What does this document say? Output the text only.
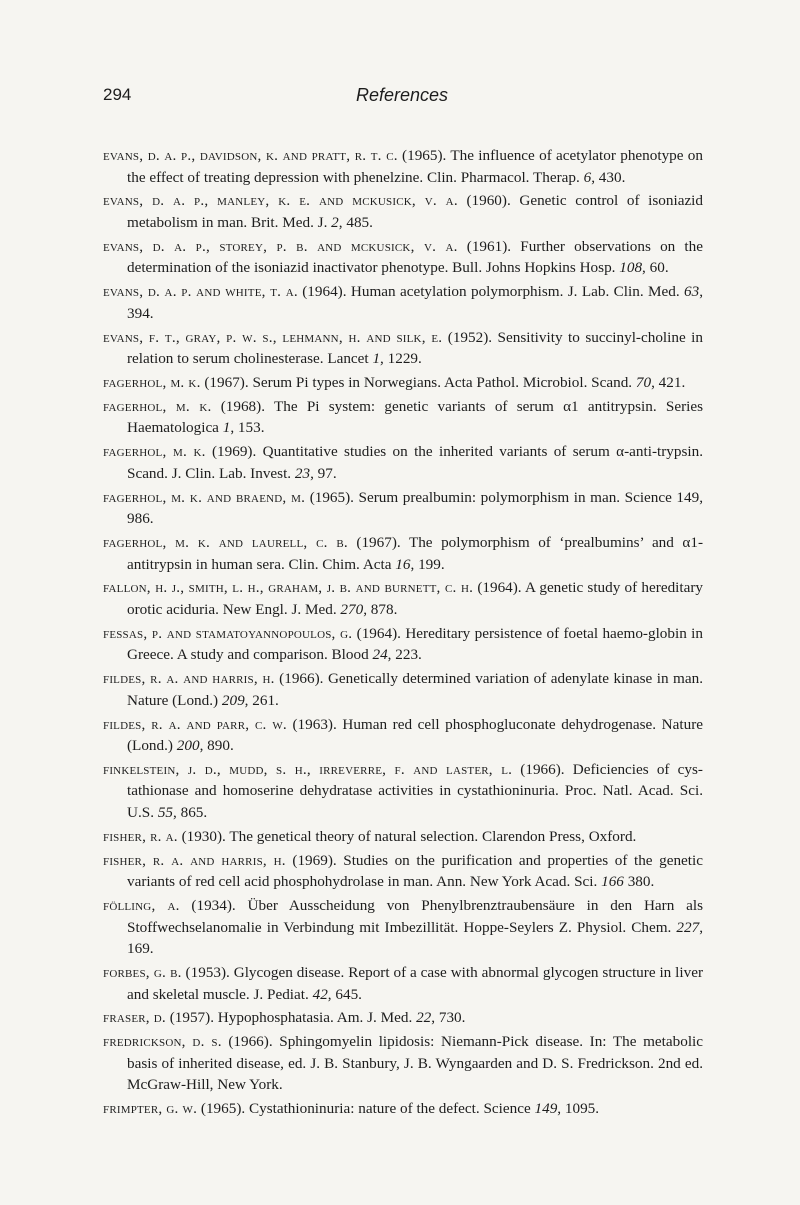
294	References

evans, d. a. p., davidson, k. and pratt, r. t. c. (1965). The influence of acetylator phenotype on the effect of treating depression with phenelzine. Clin. Pharmacol. Therap. 6, 430.

evans, d. a. p., manley, k. e. and mckusick, v. a. (1960). Genetic control of isoniazid metabolism in man. Brit. Med. J. 2, 485.

evans, d. a. p., storey, p. b. and mckusick, v. a. (1961). Further observations on the determination of the isoniazid inactivator phenotype. Bull. Johns Hopkins Hosp. 108, 60.

evans, d. a. p. and white, t. a. (1964). Human acetylation polymorphism. J. Lab. Clin. Med. 63, 394.

evans, f. t., gray, p. w. s., lehmann, h. and silk, e. (1952). Sensitivity to succinyl-choline in relation to serum cholinesterase. Lancet 1, 1229.

fagerhol, m. k. (1967). Serum Pi types in Norwegians. Acta Pathol. Microbiol. Scand. 70, 421.

fagerhol, m. k. (1968). The Pi system: genetic variants of serum α1 antitrypsin. Series Haematologica 1, 153.

fagerhol, m. k. (1969). Quantitative studies on the inherited variants of serum α-anti-trypsin. Scand. J. Clin. Lab. Invest. 23, 97.

fagerhol, m. k. and braend, m. (1965). Serum prealbumin: polymorphism in man. Science 149, 986.

fagerhol, m. k. and laurell, c. b. (1967). The polymorphism of ‘prealbumins’ and α1-antitrypsin in human sera. Clin. Chim. Acta 16, 199.

fallon, h. j., smith, l. h., graham, j. b. and burnett, c. h. (1964). A genetic study of hereditary orotic aciduria. New Engl. J. Med. 270, 878.

fessas, p. and stamatoyannopoulos, g. (1964). Hereditary persistence of foetal haemo-globin in Greece. A study and comparison. Blood 24, 223.

fildes, r. a. and harris, h. (1966). Genetically determined variation of adenylate kinase in man. Nature (Lond.) 209, 261.

fildes, r. a. and parr, c. w. (1963). Human red cell phosphogluconate dehydrogenase. Nature (Lond.) 200, 890.

finkelstein, j. d., mudd, s. h., irreverre, f. and laster, l. (1966). Deficiencies of cys-tathionase and homoserine dehydratase activities in cystathioninuria. Proc. Natl. Acad. Sci. U.S. 55, 865.

fisher, r. a. (1930). The genetical theory of natural selection. Clarendon Press, Oxford.

fisher, r. a. and harris, h. (1969). Studies on the purification and properties of the genetic variants of red cell acid phosphohydrolase in man. Ann. New York Acad. Sci. 166 380.

fölling, a. (1934). Über Ausscheidung von Phenylbrenztraubensäure in den Harn als Stoffwechselanomalie in Verbindung mit Imbezillität. Hoppe-Seylers Z. Physiol. Chem. 227, 169.

forbes, g. b. (1953). Glycogen disease. Report of a case with abnormal glycogen structure in liver and skeletal muscle. J. Pediat. 42, 645.

fraser, d. (1957). Hypophosphatasia. Am. J. Med. 22, 730.

fredrickson, d. s. (1966). Sphingomyelin lipidosis: Niemann-Pick disease. In: The metabolic basis of inherited disease, ed. J. B. Stanbury, J. B. Wyngaarden and D. S. Fredrickson. 2nd ed. McGraw-Hill, New York.

frimpter, g. w. (1965). Cystathioninuria: nature of the defect. Science 149, 1095.
